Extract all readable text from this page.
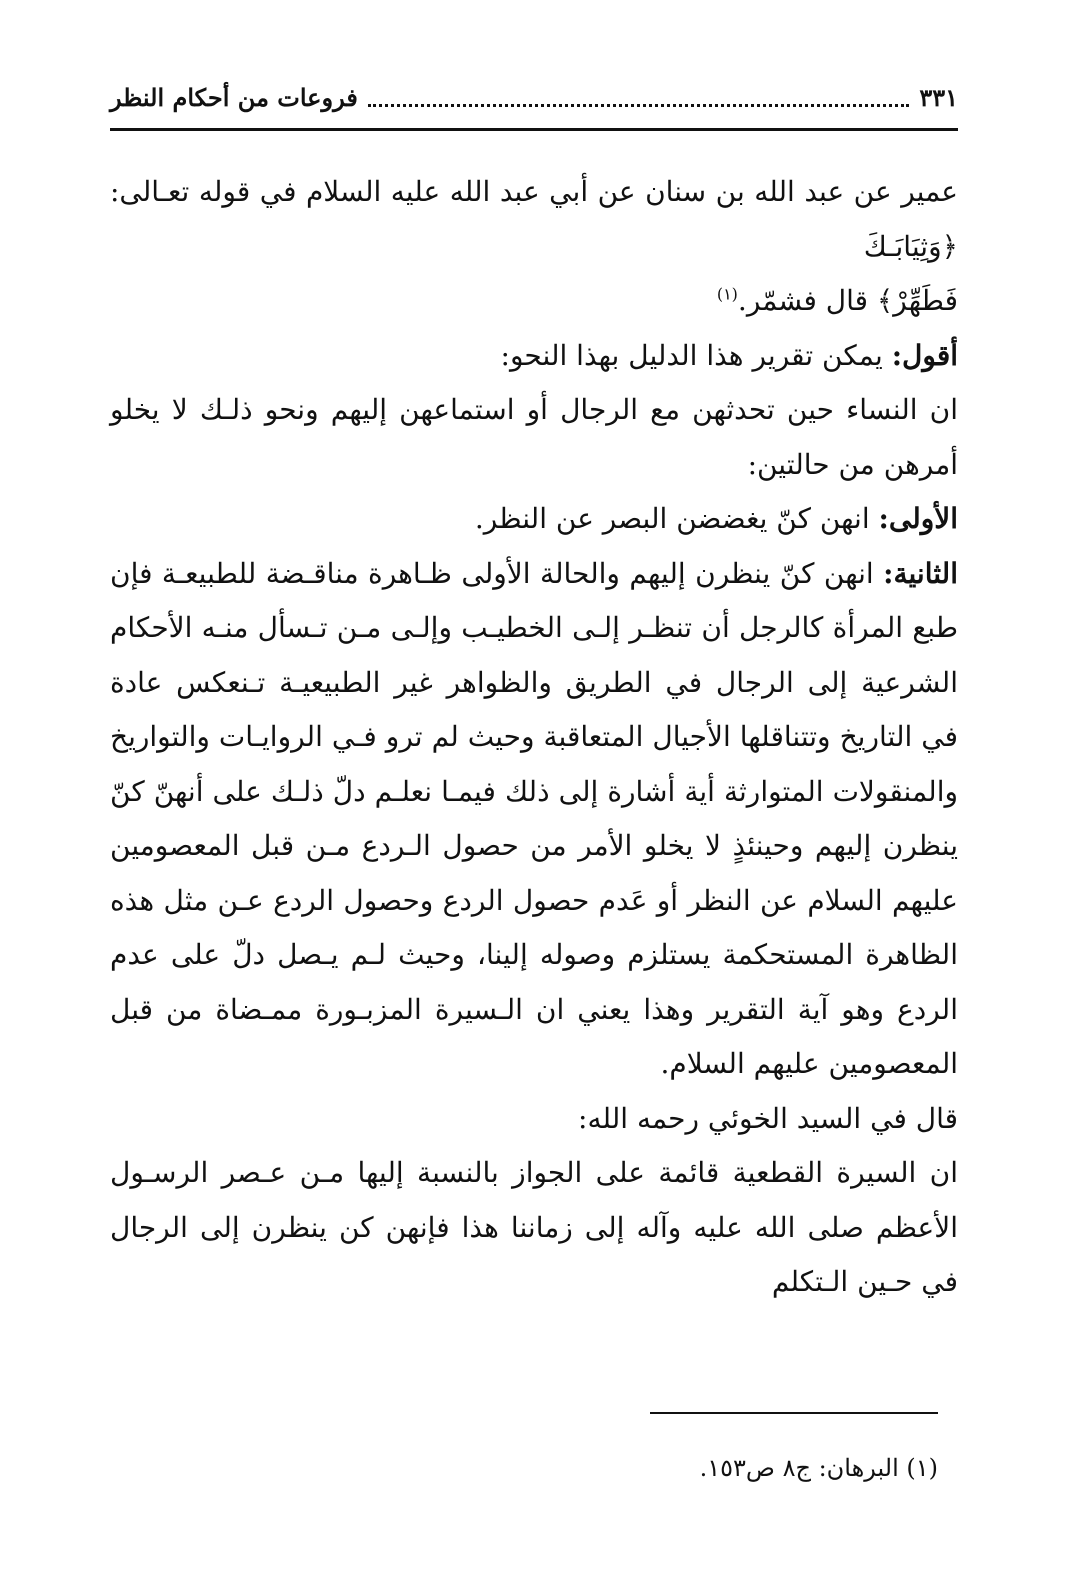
٣٣١
فروعات من أحكام النظر

عمير عن عبد الله بن سنان عن أبي عبد الله عليه السلام في قوله تعـالى: ﴿وَثِيَابَـكَ
فَطَهِّرْ﴾ قال فشمّر.$^{(١)}$

أقول: يمكن تقرير هذا الدليل بهذا النحو:

ان النساء حين تحدثهن مع الرجال أو استماعهن إليهم ونحو ذلـك لا يخلو أمرهن من حالتين:

الأولى: انهن كنّ يغضضن البصر عن النظر.

الثانية: انهن كنّ ينظرن إليهم والحالة الأولى ظـاهرة مناقـضة للطبيعـة فإن طبع المرأة كالرجل أن تنظـر إلـى الخطيـب وإلـى مـن تـسأل منـه الأحكام الشرعية إلى الرجال في الطريق والظواهر غير الطبيعيـة تـنعكس عادة في التاريخ وتتناقلها الأجيال المتعاقبة وحيث لم ترو فـي الروايـات والتواريخ والمنقولات المتوارثة أية أشارة إلى ذلك فيمـا نعلـم دلّ ذلـك على أنهنّ كنّ ينظرن إليهم وحينئذٍ لا يخلو الأمر من حصول الـردع مـن قبل المعصومين عليهم السلام عن النظر أو عَدم حصول الردع وحصول الردع عـن مثل هذه الظاهرة المستحكمة يستلزم وصوله إلينا، وحيث لـم يـصل دلّ على عدم الردع وهو آية التقرير وهذا يعني ان الـسيرة المزبـورة ممـضاة من قبل المعصومين عليهم السلام.

قال في السيد الخوئي رحمه الله:

ان السيرة القطعية قائمة على الجواز بالنسبة إليها مـن عـصر الرسـول الأعظم صلى الله عليه وآله إلى زماننا هذا فإنهن كن ينظرن إلى الرجال في حـين الـتكلم

(١) البرهان: ج٨ ص١٥٣.
